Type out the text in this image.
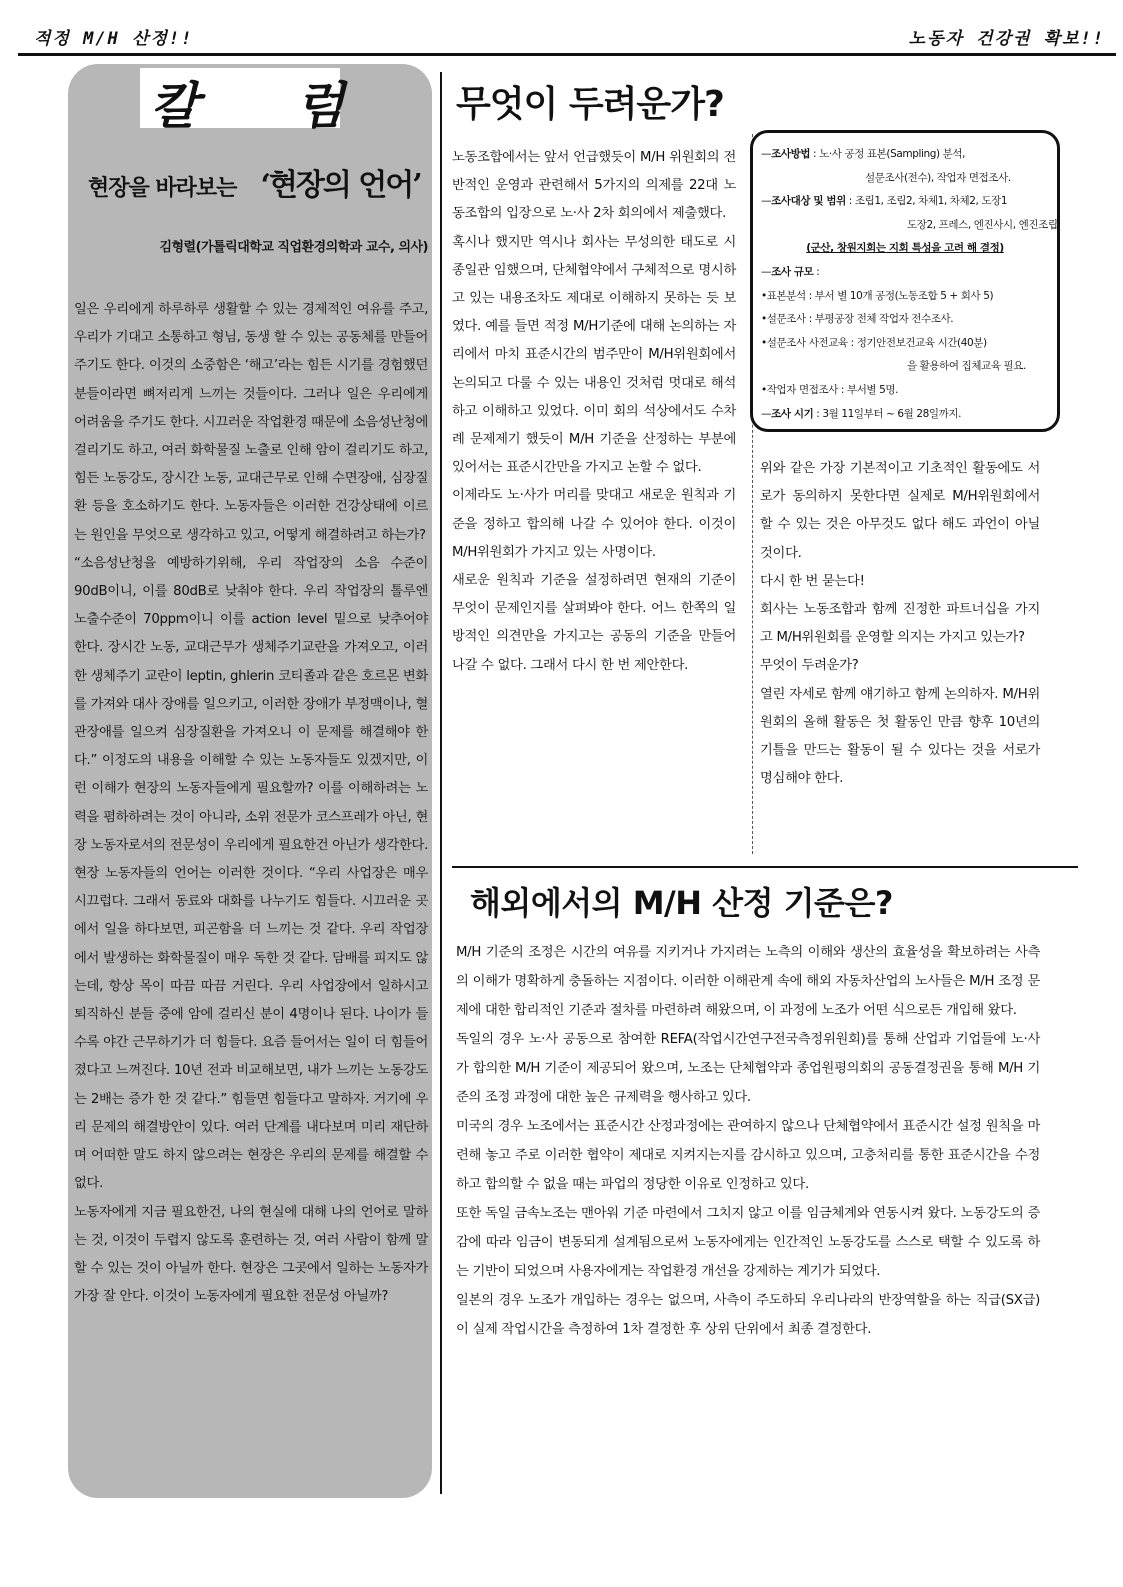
적정 M/H 산정!!	노동자 건강권 확보!!
칼 럼
현장을 바라보는 ‘현장의 언어’
김형렬(가톨릭대학교 직업환경의학과 교수, 의사)

일은 우리에게 하루하루 생활할 수 있는 경제적인 여유를 주고, 우리가 기대고 소통하고 형님, 동생 할 수 있는 공동체를 만들어 주기도 한다. 이것의 소중함은 ‘해고’라는 힘든 시기를 경험했던 분들이라면 뼈저리게 느끼는 것들이다. 그러나 일은 우리에게 어려움을 주기도 한다. 시끄러운 작업환경 때문에 소음성난청에 걸리기도 하고, 여러 화학물질 노출로 인해 암이 걸리기도 하고, 힘든 노동강도, 장시간 노동, 교대근무로 인해 수면장애, 심장질환 등을 호소하기도 한다. 노동자들은 이러한 건강상태에 이르는 원인을 무엇으로 생각하고 있고, 어떻게 해결하려고 하는가?

“소음성난청을 예방하기위해, 우리 작업장의 소음 수준이 90dB이니, 이를 80dB로 낮춰야 한다. 우리 작업장의 톨루엔 노출수준이 70ppm이니 이를 action level 밑으로 낮추어야 한다. 장시간 노동, 교대근무가 생체주기교란을 가져오고, 이러한 생체주기 교란이 leptin, ghlerin 코티졸과 같은 호르몬 변화를 가져와 대사 장애를 일으키고, 이러한 장애가 부정맥이나, 혈관장애를 일으켜 심장질환을 가져오니 이 문제를 해결해야 한다.” 이정도의 내용을 이해할 수 있는 노동자들도 있겠지만, 이런 이해가 현장의 노동자들에게 필요할까? 이를 이해하려는 노력을 폄하하려는 것이 아니라, 소위 전문가 코스프레가 아닌, 현장 노동자로서의 전문성이 우리에게 필요한건 아닌가 생각한다. 현장 노동자들의 언어는 이러한 것이다. “우리 사업장은 매우 시끄럽다. 그래서 동료와 대화를 나누기도 힘들다. 시끄러운 곳에서 일을 하다보면, 피곤함을 더 느끼는 것 같다. 우리 작업장에서 발생하는 화학물질이 매우 독한 것 같다. 담배를 피지도 않는데, 항상 목이 따끔 따끔 거린다. 우리 사업장에서 일하시고 퇴직하신 분들 중에 암에 걸리신 분이 4명이나 된다. 나이가 들수록 야간 근무하기가 더 힘들다. 요즘 들어서는 일이 더 힘들어졌다고 느껴진다. 10년 전과 비교해보면, 내가 느끼는 노동강도는 2배는 증가 한 것 같다.” 힘들면 힘들다고 말하자. 거기에 우리 문제의 해결방안이 있다. 여러 단계를 내다보며 미리 재단하며 어떠한 말도 하지 않으려는 현장은 우리의 문제를 해결할 수 없다.

노동자에게 지금 필요한건, 나의 현실에 대해 나의 언어로 말하는 것, 이것이 두렵지 않도록 훈련하는 것, 여러 사람이 함께 말할 수 있는 것이 아닐까 한다. 현장은 그곳에서 일하는 노동자가 가장 잘 안다. 이것이 노동자에게 필요한 전문성 아닐까?

무엇이 두려운가?

노동조합에서는 앞서 언급했듯이 M/H 위원회의 전반적인 운영과 관련해서 5가지의 의제를 22대 노동조합의 입장으로 노·사 2차 회의에서 제출했다.

혹시나 했지만 역시나 회사는 무성의한 태도로 시종일관 임했으며, 단체협약에서 구체적으로 명시하고 있는 내용조차도 제대로 이해하지 못하는 듯 보였다. 예를 들면 적정 M/H기준에 대해 논의하는 자리에서 마치 표준시간의 범주만이 M/H위원회에서 논의되고 다룰 수 있는 내용인 것처럼 멋대로 해석하고 이해하고 있었다. 이미 회의 석상에서도 수차례 문제제기 했듯이 M/H 기준을 산정하는 부분에 있어서는 표준시간만을 가지고 논할 수 없다.

이제라도 노·사가 머리를 맞대고 새로운 원칙과 기준을 정하고 합의해 나갈 수 있어야 한다. 이것이 M/H위원회가 가지고 있는 사명이다.

새로운 원칙과 기준을 설정하려면 현재의 기준이 무엇이 문제인지를 살펴봐야 한다. 어느 한쪽의 일방적인 의견만을 가지고는 공동의 기준을 만들어 나갈 수 없다. 그래서 다시 한 번 제안한다.

—조사방법 : 노·사 공정 표본(Sampling) 분석,
설문조사(전수), 작업자 면접조사.
—조사대상 및 범위 : 조립1, 조립2, 차체1, 차체2, 도장1
도장2, 프레스, 엔진사시, 엔진조립.
(군산, 창원지회는 지회 특성을 고려 해 결정)
—조사 규모 :
•표본분석 : 부서 별 10개 공정(노동조합 5 + 회사 5)
•설문조사 : 부평공장 전체 작업자 전수조사.
•설문조사 사전교육 : 정기안전보건교육 시간(40분)
을 활용하여 집체교육 필요.
•작업자 면접조사 : 부서별 5명.
—조사 시기 : 3월 11일부터 ~ 6월 28일까지.

위와 같은 가장 기본적이고 기초적인 활동에도 서로가 동의하지 못한다면 실제로 M/H위원회에서 할 수 있는 것은 아무것도 없다 해도 과언이 아닐 것이다.

다시 한 번 묻는다!

회사는 노동조합과 함께 진정한 파트너십을 가지고 M/H위원회를 운영할 의지는 가지고 있는가?

무엇이 두려운가?

열린 자세로 함께 얘기하고 함께 논의하자. M/H위원회의 올해 활동은 첫 활동인 만큼 향후 10년의 기틀을 만드는 활동이 될 수 있다는 것을 서로가 명심해야 한다.

해외에서의 M/H 산정 기준은?

M/H 기준의 조정은 시간의 여유를 지키거나 가지려는 노측의 이해와 생산의 효율성을 확보하려는 사측의 이해가 명확하게 충돌하는 지점이다. 이러한 이해관계 속에 해외 자동차산업의 노사들은 M/H 조정 문제에 대한 합리적인 기준과 절차를 마련하려 해왔으며, 이 과정에 노조가 어떤 식으로든 개입해 왔다.

독일의 경우 노·사 공동으로 참여한 REFA(작업시간연구전국측정위원회)를 통해 산업과 기업들에 노·사가 합의한 M/H 기준이 제공되어 왔으며, 노조는 단체협약과 종업원평의회의 공동결정권을 통해 M/H 기준의 조정 과정에 대한 높은 규제력을 행사하고 있다.

미국의 경우 노조에서는 표준시간 산정과정에는 관여하지 않으나 단체협약에서 표준시간 설정 원칙을 마련해 놓고 주로 이러한 협약이 제대로 지켜지는지를 감시하고 있으며, 고충처리를 통한 표준시간을 수정하고 합의할 수 없을 때는 파업의 정당한 이유로 인정하고 있다.

또한 독일 금속노조는 맨아워 기준 마련에서 그치지 않고 이를 임금체계와 연동시켜 왔다. 노동강도의 증감에 따라 임금이 변동되게 설계됨으로써 노동자에게는 인간적인 노동강도를 스스로 택할 수 있도록 하는 기반이 되었으며 사용자에게는 작업환경 개선을 강제하는 계기가 되었다.

일본의 경우 노조가 개입하는 경우는 없으며, 사측이 주도하되 우리나라의 반장역할을 하는 직급(SX급)이 실제 작업시간을 측정하여 1차 결정한 후 상위 단위에서 최종 결정한다.
